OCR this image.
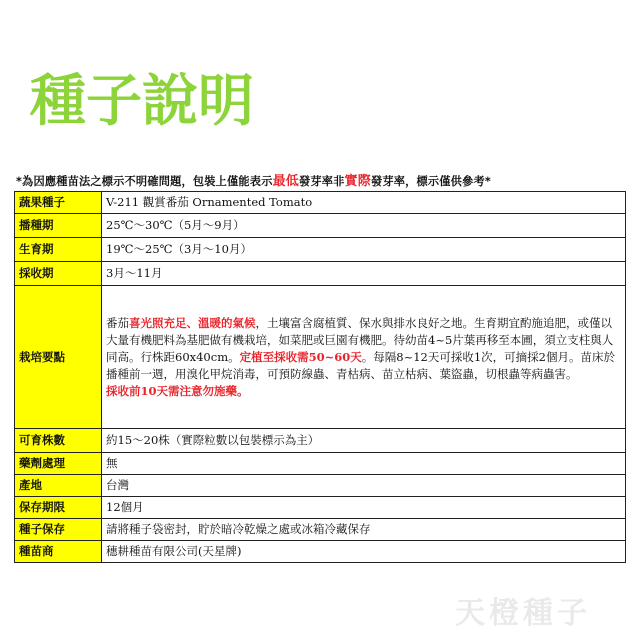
種子說明
*為因應種苗法之標示不明確問題，包裝上僅能表示最低發芽率非實際發芽率，標示僅供參考*
蔬果種子	V-211 觀賞番茄 Ornamented Tomato
播種期	25℃～30℃（5月～9月）
生育期	19℃～25℃（3月～10月）
採收期	3月～11月
栽培要點	番茄喜光照充足、溫暖的氣候，土壤富含腐植質、保水與排水良好之地。生育期宜酌施追肥，或僅以大量有機肥料為基肥做有機栽培，如菜肥或巨園有機肥。待幼苗4~5片葉再移至本圃，須立支柱與人同高。行株距60x40cm。定植至採收需50~60天。每隔8~12天可採收1次，可摘採2個月。苗床於播種前一週，用溴化甲烷消毒，可預防線蟲、青枯病、苗立枯病、葉盜蟲，切根蟲等病蟲害。
採收前10天需注意勿施藥。
可育株數	約15～20株（實際粒數以包裝標示為主）
藥劑處理	無
產地	台灣
保存期限	12個月
種子保存	請將種子袋密封，貯於暗冷乾燥之處或冰箱冷藏保存
種苗商	穗耕種苗有限公司(天星牌)
天橙種子
